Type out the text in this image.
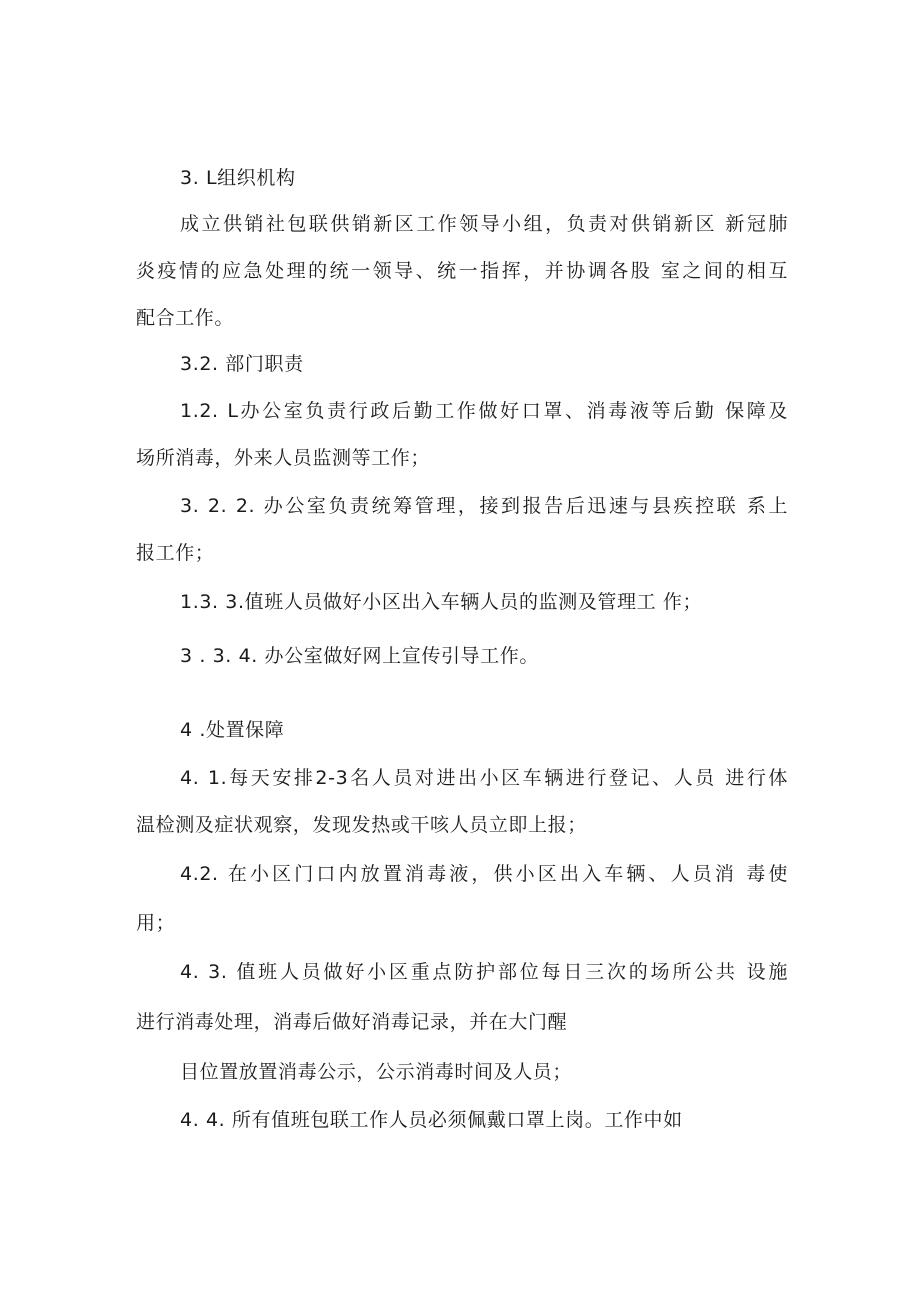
3. L组织机构
成立供销社包联供销新区工作领导小组，负责对供销新区 新冠肺
炎疫情的应急处理的统一领导、统一指挥，并协调各股 室之间的相互
配合工作。
3.2. 部门职责
1.2. L办公室负责行政后勤工作做好口罩、消毒液等后勤 保障及
场所消毒，外来人员监测等工作；
3. 2. 2. 办公室负责统筹管理，接到报告后迅速与县疾控联 系上
报工作；
1.3. 3.值班人员做好小区出入车辆人员的监测及管理工 作；
3 . 3. 4. 办公室做好网上宣传引导工作。
4 .处置保障
4. 1.每天安排2-3名人员对进出小区车辆进行登记、人员 进行体
温检测及症状观察，发现发热或干咳人员立即上报；
4.2. 在小区门口内放置消毒液，供小区出入车辆、人员消 毒使
用；
4. 3. 值班人员做好小区重点防护部位每日三次的场所公共 设施
进行消毒处理，消毒后做好消毒记录，并在大门醒
目位置放置消毒公示，公示消毒时间及人员；
4. 4. 所有值班包联工作人员必须佩戴口罩上岗。工作中如
